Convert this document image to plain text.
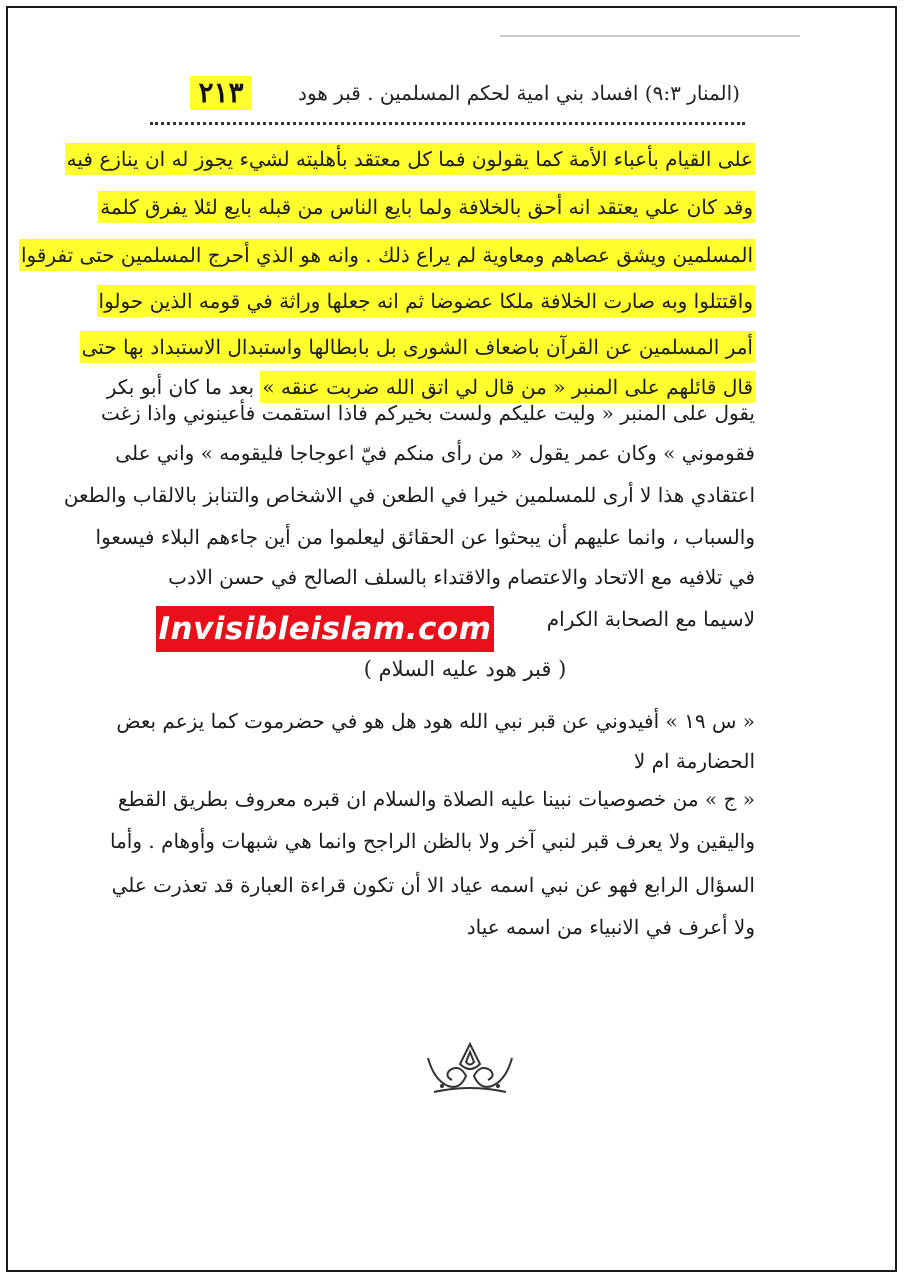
٢١٣	(المنار ٩:٣) افساد بني امية لحكم المسلمين . قبر هود
على القيام بأعباء الأمة كما يقولون فما كل معتقد بأهليته لشيء يجوز له ان ينازع فيه
وقد كان علي يعتقد انه أحق بالخلافة ولما بايع الناس من قبله بايع لئلا يفرق كلمة
المسلمين ويشق عصاهم ومعاوية لم يراع ذلك . وانه هو الذي أحرج المسلمين حتى تفرقوا
واقتتلوا وبه صارت الخلافة ملكا عضوضا ثم انه جعلها وراثة في قومه الذين حولوا
أمر المسلمين عن القرآن باضعاف الشورى بل بابطالها واستبدال الاستبداد بها حتى
قال قائلهم على المنبر « من قال لي اتق الله ضربت عنقه » بعد ما كان أبو بكر
يقول على المنبر « وليت عليكم ولست بخيركم فاذا استقمت فأعينوني واذا زغت
فقوموني » وكان عمر يقول « من رأى منكم فيّ اعوجاجا فليقومه » واني على
اعتقادي هذا لا أرى للمسلمين خيرا في الطعن في الاشخاص والتنابز بالالقاب والطعن
والسباب ، وانما عليهم أن يبحثوا عن الحقائق ليعلموا من أين جاءهم البلاء فيسعوا
في تلافيه مع الاتحاد والاعتصام والاقتداء بالسلف الصالح في حسن الادب
لاسيما مع الصحابة الكرام
Invisibleislam.com
( قبر هود عليه السلام )
« س ١٩ » أفيدوني عن قبر نبي الله هود هل هو في حضرموت كما يزعم بعض
الحضارمة ام لا
« ج » من خصوصيات نبينا عليه الصلاة والسلام ان قبره معروف بطريق القطع
واليقين ولا يعرف قبر لنبي آخر ولا بالظن الراجح وانما هي شبهات وأوهام . وأما
السؤال الرابع فهو عن نبي اسمه عياد الا أن تكون قراءة العبارة قد تعذرت علي
ولا أعرف في الانبياء من اسمه عياد
